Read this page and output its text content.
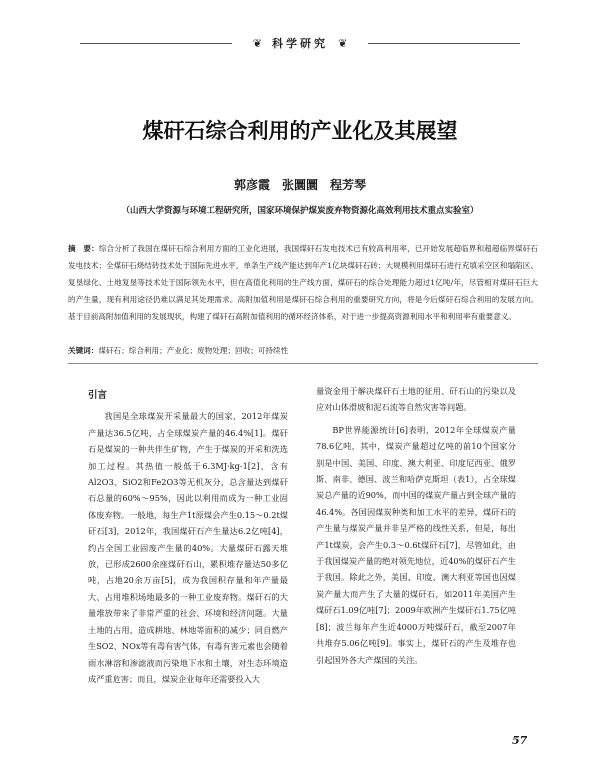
❦ 科学研究 ❦
煤矸石综合利用的产业化及其展望
郭彦霞　张圜圜　程芳琴
（山西大学资源与环境工程研究所，国家环境保护煤炭废弃物资源化高效利用技术重点实验室）
摘　要：综合分析了我国在煤矸石综合利用方面的工业化进展，我国煤矸石发电技术已有较高利用率，已开始发展超临界和超超临界煤矸石发电技术；全煤矸石烧结砖技术处于国际先进水平，单条生产线产能达到年产1亿块煤矸石砖；大规模利用煤矸石进行充填采空区和塌陷区、复垦绿化、土地复垦等技术处于国际领先水平，但在高值化利用的生产线方面，煤矸石的综合处理能力超过1亿吨/年，尽管相对煤矸石巨大的产生量，现有利用途径仍难以满足其处理需求。高附加值利用是煤矸石综合利用的重要研究方向，将是今后煤矸石综合利用的发展方向。基于目前高附加值利用的发展现状，构建了煤矸石高附加值利用的循环经济体系，对于进一步提高资源利用水平和利用率有重要意义。
关键词：煤矸石；综合利用；产业化；废物处理；回收；可持续性
引言

我国是全球煤炭开采量最大的国家，2012年煤炭产量达36.5亿吨，占全球煤炭产量的46.4%[1]。煤矸石是煤炭的一种共伴生矿物，产生于煤炭的开采和洗选加工过程。其热值一般低于6.3MJ·kg-1[2]，含有Al2O3、SiO2和Fe2O3等无机灰分，总含量达到煤矸石总量的60%～95%，因此以利用而成为一种工业固体废弃物。一般地，每生产1t原煤会产生0.15～0.2t煤矸石[3]，2012年，我国煤矸石产生量达6.2亿吨[4]，约占全国工业固废产生量的40%。大量煤矸石露天堆放，已形成2600余座煤矸石山，累积堆存量达50多亿吨，占地20余万亩[5]，成为我国积存量和年产量最大、占用堆积场地最多的一种工业废弃物。煤矸石的大量堆放带来了非常严重的社会、环境和经济问题。大量土地的占用，造成耕地、林地等面积的减少；同自燃产生SO2、NOx等有毒有害气体，有毒有害元素也会随着雨水淋溶和渗滤液而污染地下水和土壤，对生态环境造成严重危害；而且，煤炭企业每年还需要投入大

量资金用于解决煤矸石土地的征用、矸石山的污染以及应对山体滑坡和泥石流等自然灾害等问题。

BP世界能源统计[6]表明，2012年全球煤炭产量78.6亿吨，其中，煤炭产量超过亿吨的前10个国家分别是中国、美国、印度、澳大利亚、印度尼西亚、俄罗斯、南非、德国、波兰和哈萨克斯坦（表1），占全球煤炭总产量的近90%，而中国的煤炭产量占到全球产量的46.4%。各国因煤炭种类和加工水平的差异，煤矸石的产生量与煤炭产量并非呈严格的线性关系，但是，每出产1t煤炭，会产生0.3～0.6t煤矸石[7]，尽管如此，由于我国煤炭产量的绝对领先地位，近40%的煤矸石产生于我国。除此之外，美国、印度、澳大利亚等国也因煤炭产量大而产生了大量的煤矸石，如2011年美国产生煤矸石1.09亿吨[7]；2009年欧洲产生煤矸石1.75亿吨[8]；波兰每年产生近4000万吨煤矸石，截至2007年共堆存5.06亿吨[9]。事实上，煤矸石的产生及堆存也引起国外各大产煤国的关注。

57
